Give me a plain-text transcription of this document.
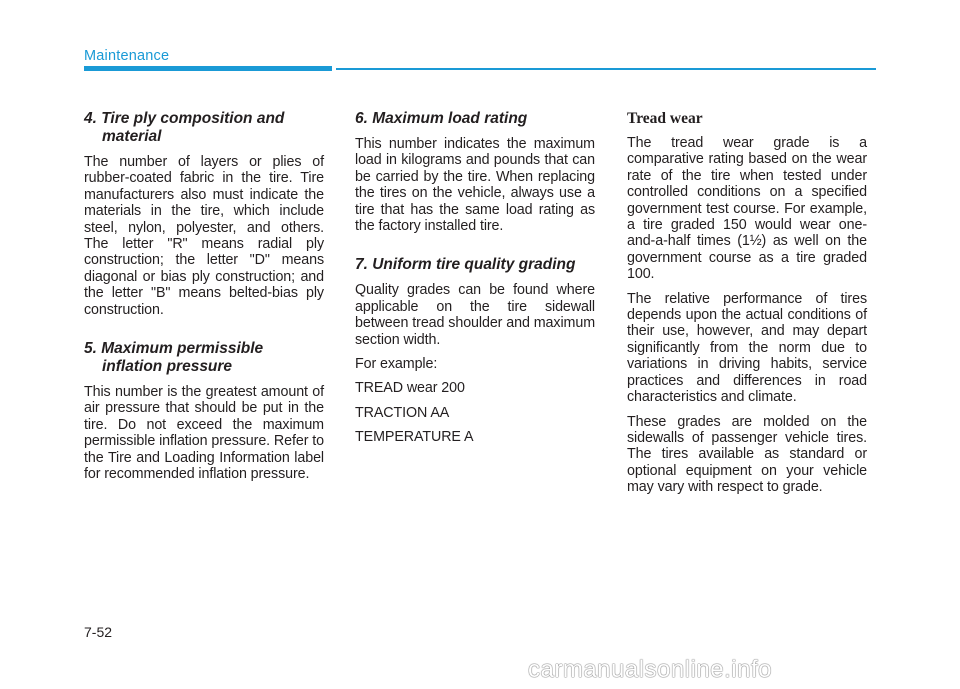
Maintenance
4. Tire ply composition and material

The number of layers or plies of rubber-coated fabric in the tire. Tire manufacturers also must indicate the materials in the tire, which include steel, nylon, polyester, and others. The letter "R" means radial ply construction; the letter "D" means diagonal or bias ply construction; and the letter "B" means belted-bias ply construction.

5. Maximum permissible inflation pressure

This number is the greatest amount of air pressure that should be put in the tire. Do not exceed the maximum permissible inflation pressure. Refer to the Tire and Loading Information label for recommended inflation pressure.

6. Maximum load rating

This number indicates the maximum load in kilograms and pounds that can be carried by the tire. When replacing the tires on the vehicle, always use a tire that has the same load rating as the factory installed tire.

7. Uniform tire quality grading

Quality grades can be found where applicable on the tire sidewall between tread shoulder and maximum section width.

For example:

TREAD wear 200

TRACTION AA

TEMPERATURE A

Tread wear

The tread wear grade is a comparative rating based on the wear rate of the tire when tested under controlled conditions on a specified government test course. For example, a tire graded 150 would wear one-and-a-half times (1½) as well on the government course as a tire graded 100.

The relative performance of tires depends upon the actual conditions of their use, however, and may depart significantly from the norm due to variations in driving habits, service practices and differences in road characteristics and climate.

These grades are molded on the sidewalls of passenger vehicle tires. The tires available as standard or optional equipment on your vehicle may vary with respect to grade.

7-52
carmanualsonline.info
